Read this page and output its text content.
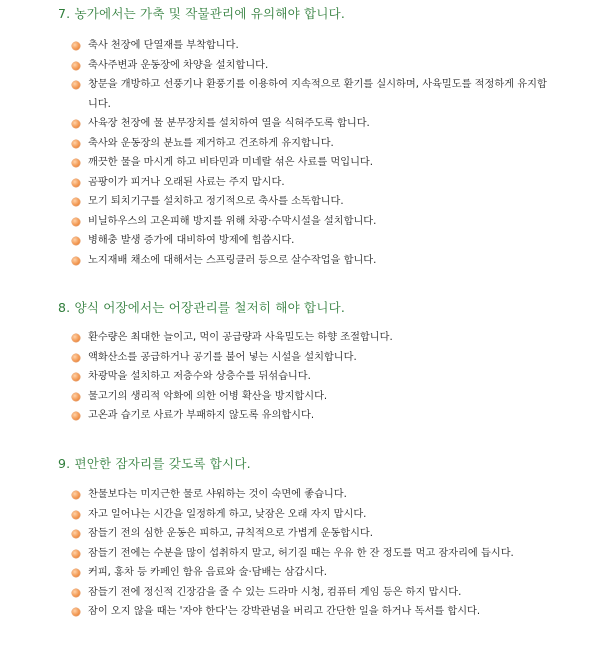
7. 농가에서는 가축 및 작물관리에 유의해야 합니다.
축사 천장에 단열재를 부착합니다.
축사주변과 운동장에 차양을 설치합니다.
창문을 개방하고 선풍기나 환풍기를 이용하여 지속적으로 환기를 실시하며, 사육밀도를 적정하게 유지합니다.
사육장 천장에 물 분무장치를 설치하여 열을 식혀주도록 합니다.
축사와 운동장의 분뇨를 제거하고 건조하게 유지합니다.
깨끗한 물을 마시게 하고 비타민과 미네랄 섞은 사료를 먹입니다.
곰팡이가 피거나 오래된 사료는 주지 맙시다.
모기 퇴치기구를 설치하고 정기적으로 축사를 소독합니다.
비닐하우스의 고온피해 방지를 위해 차광·수막시설을 설치합니다.
병해충 발생 증가에 대비하여 방제에 힘씁시다.
노지재배 채소에 대해서는 스프링클러 등으로 살수작업을 합니다.
8. 양식 어장에서는 어장관리를 철저히 해야 합니다.
환수량은 최대한 늘이고, 먹이 공급량과 사육밀도는 하향 조절합니다.
액화산소를 공급하거나 공기를 불어 넣는 시설을 설치합니다.
차광막을 설치하고 저층수와 상층수를 뒤섞습니다.
물고기의 생리적 악화에 의한 어병 확산을 방지합시다.
고온과 습기로 사료가 부패하지 않도록 유의합시다.
9. 편안한 잠자리를 갖도록 합시다.
찬물보다는 미지근한 물로 샤워하는 것이 숙면에 좋습니다.
자고 일어나는 시간을 일정하게 하고, 낮잠은 오래 자지 맙시다.
잠들기 전의 심한 운동은 피하고, 규칙적으로 가볍게 운동합시다.
잠들기 전에는 수분을 많이 섭취하지 말고, 허기질 때는 우유 한 잔 정도를 먹고 잠자리에 듭시다.
커피, 홍차 등 카페인 함유 음료와 술·담배는 삼갑시다.
잠들기 전에 정신적 긴장감을 줄 수 있는 드라마 시청, 컴퓨터 게임 등은 하지 맙시다.
잠이 오지 않을 때는 '자야 한다'는 강박관념을 버리고 간단한 일을 하거나 독서를 합시다.
